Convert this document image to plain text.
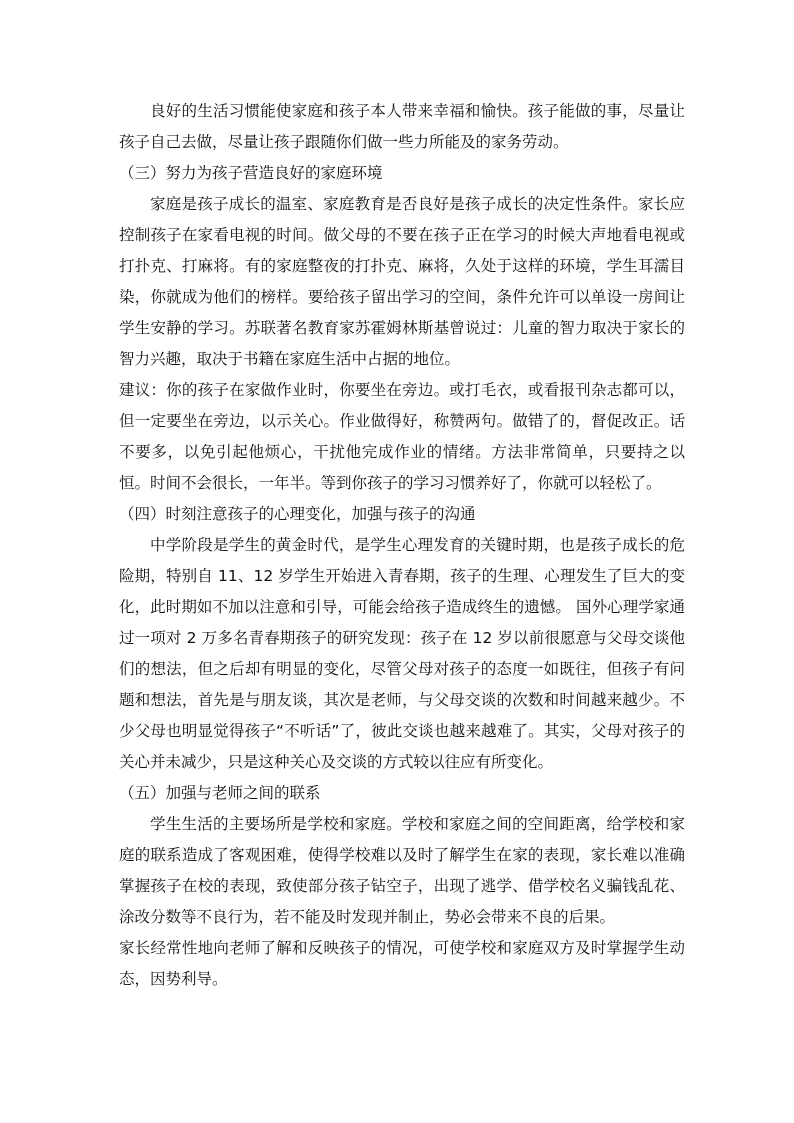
良好的生活习惯能使家庭和孩子本人带来幸福和愉快。孩子能做的事，尽量让孩子自己去做，尽量让孩子跟随你们做一些力所能及的家务劳动。

（三）努力为孩子营造良好的家庭环境

家庭是孩子成长的温室、家庭教育是否良好是孩子成长的决定性条件。家长应控制孩子在家看电视的时间。做父母的不要在孩子正在学习的时候大声地看电视或打扑克、打麻将。有的家庭整夜的打扑克、麻将，久处于这样的环境，学生耳濡目染，你就成为他们的榜样。要给孩子留出学习的空间，条件允许可以单设一房间让学生安静的学习。苏联著名教育家苏霍姆林斯基曾说过：儿童的智力取决于家长的智力兴趣，取决于书籍在家庭生活中占据的地位。

建议：你的孩子在家做作业时，你要坐在旁边。或打毛衣，或看报刊杂志都可以，但一定要坐在旁边，以示关心。作业做得好，称赞两句。做错了的，督促改正。话不要多，以免引起他烦心，干扰他完成作业的情绪。方法非常简单，只要持之以恒。时间不会很长，一年半。等到你孩子的学习习惯养好了，你就可以轻松了。

（四）时刻注意孩子的心理变化，加强与孩子的沟通

中学阶段是学生的黄金时代，是学生心理发育的关键时期，也是孩子成长的危险期，特别自 11、12 岁学生开始进入青春期，孩子的生理、心理发生了巨大的变化，此时期如不加以注意和引导，可能会给孩子造成终生的遗憾。 国外心理学家通过一项对 2 万多名青春期孩子的研究发现：孩子在 12 岁以前很愿意与父母交谈他们的想法，但之后却有明显的变化，尽管父母对孩子的态度一如既往，但孩子有问题和想法，首先是与朋友谈，其次是老师，与父母交谈的次数和时间越来越少。不少父母也明显觉得孩子“不听话”了，彼此交谈也越来越难了。其实，父母对孩子的关心并未减少，只是这种关心及交谈的方式较以往应有所变化。

（五）加强与老师之间的联系

学生生活的主要场所是学校和家庭。学校和家庭之间的空间距离，给学校和家庭的联系造成了客观困难，使得学校难以及时了解学生在家的表现，家长难以准确掌握孩子在校的表现，致使部分孩子钻空子，出现了逃学、借学校名义骗钱乱花、涂改分数等不良行为，若不能及时发现并制止，势必会带来不良的后果。

家长经常性地向老师了解和反映孩子的情况，可使学校和家庭双方及时掌握学生动态，因势利导。
